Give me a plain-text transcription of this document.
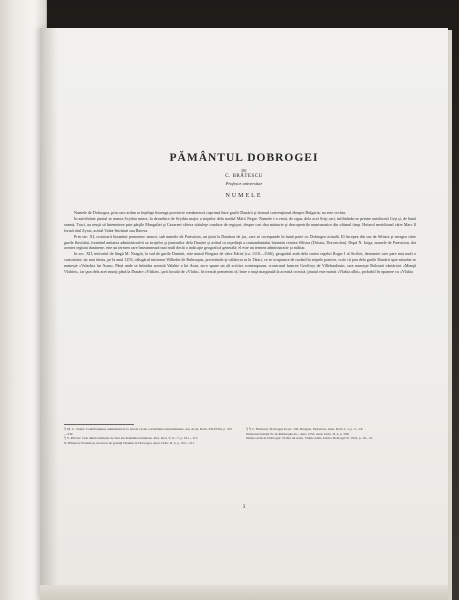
PĂMÂNTUL DOBROGEI
DE
C. BRĂTESCU
Profesor universitar
NUMELE

Numele de Dobrogea, prin care artăm se înţelege întreaga provincie românească cuprinsă între gurile Dunării şi hotarul convenţional dinspre Bulgaria, nu este vechiu.

In antichitate ţinutul se numia Scythia minor, la deosebire de Scythia major a stepelor dela nordul Mării Negre. Numele i-a venit, de sigur, dela acei Sciţi cari, infiltrându-se printre autohtonii Geţi şi, de bună seamă, Traci, au reuşit să întemeieze prin părţile Mangaliei şi Cavarnei câteva stătuleţe conduse de regişori, despre cari dau mărturie şi descoperirile numismatice din ultimul timp. Hotarul meridional către Marc îl formă râul Zyras, actŭal Valea-lăcrămii sau Batova.

Prin sec. XI, cronicarii bizantini pomenesc uneori, sub numele de Paristrion, un ţinut la Dunărea de jos, care se corespunde în bună parte cu Dobrogea actuală. El începea din sus de Silistra şi mergea către gurile fluviului, formând unitatea administrativă sa strajelor şi ţinuturilor dela Dunăre şi având ca reşedinţă a comandantului bizantin cetatea Silistra (Dristra, Dorostolon). După N. Iorga, numele de Paristrion, dat acestei regiuni dunărene, este un termen care înseamnează mai mult decât o indicaţie geografică generală; el este un termen administrativ şi militar.

In sec. XII, teritoriul de lângă M. Neagră, la sud de gurile Dunării, este numit Borgara de către Edrisi (ca. 1110—1166), geograful arab dela curtea regelui Roger I al Siciliei, denumire care pare mai mult o curiozitate; iar mai târziu, pe la anul 1253, călugărul misionar Wilhelm de Rubruquis, povestindu-şi călătoria sa la Tătari, ce se ocupasera de curând în stepele pontice, scrie că ţara dela gurile Dunării spre miazăzi se numeşte «Valachia lui Asan». Până unde se întindea această Valahie a lui Asan, nu-o spune un alt scriitor contemporan, cronicarul francez Geoffroy de Villehardouin, care numeşte Balcanii vântăriori «Munţii Vlahiei», iar ţara dela acei munţi până la Dunăre «Vlakie», ţară locuită de «Vlahi». In treacăt pomenim că, între o nuţă marginală la această cronică, ţinutul este numit «Vlahia albă», probabil în opunere cu «Vlahia

¹) M. C. Soutu: Contribuţiunea numismaticei la istoria veche a României transdunărene. An. Acad. Rom. XXXVIII, p. 525—532.
²) V. Pârvan: Cele dintâi elemente de Stat ale României dunărene. Rev. Istor. V, 6—7, p. 101—113.
N. Bănescu: Paristrion, un ducat de graniţă bizantin la Dobrogea. Anal. Dobr. II, 3, p. 103—311.
³) ⁴) C. Brătescu: Dobrogea în sec. XII. Bergean, Paristrion. Anal. Dobr. I, 1, p. 3—16.
Itinerarul fratelui W. de Rubruquis etc., anno 1253. Anal. Dobr. II, 4, p. 508.
Nume vechi de Dobrogei: Vlahia lui Asan. Vlahia Albă. Arhiva Dobrogei II. 1919, p. 18—31.
3
